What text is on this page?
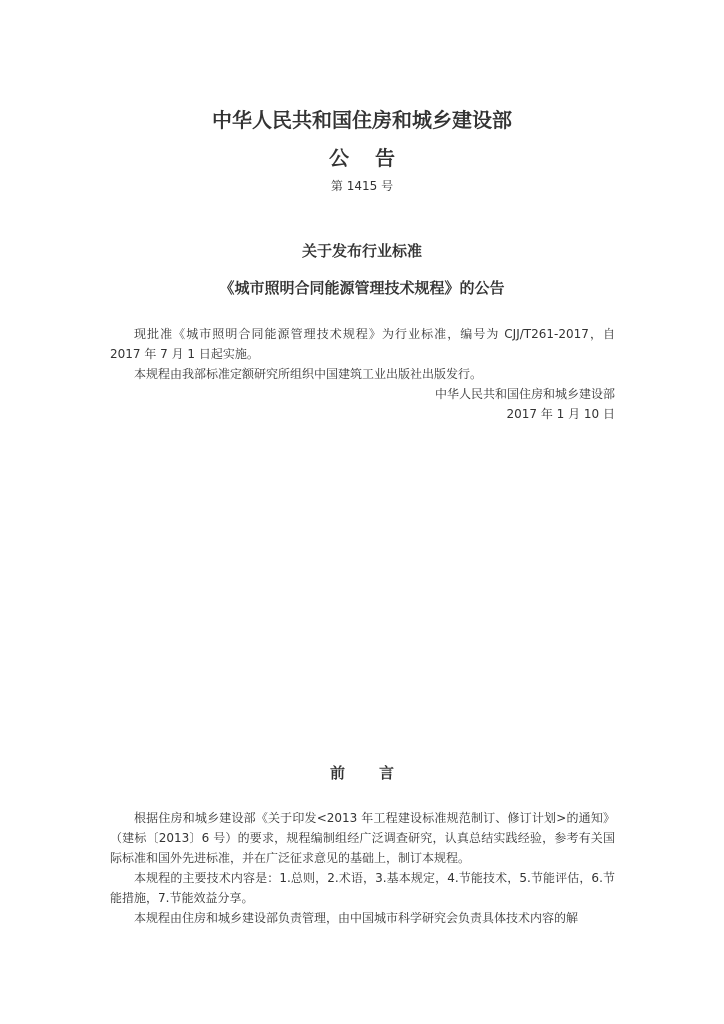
中华人民共和国住房和城乡建设部
公 告
第 1415 号
关于发布行业标准
《城市照明合同能源管理技术规程》的公告

现批准《城市照明合同能源管理技术规程》为行业标准，编号为 CJJ/T261-2017，自 2017 年 7 月 1 日起实施。

本规程由我部标准定额研究所组织中国建筑工业出版社出版发行。

中华人民共和国住房和城乡建设部

2017 年 1 月 10 日

前 言

根据住房和城乡建设部《关于印发<2013 年工程建设标准规范制订、修订计划>的通知》（建标〔2013〕6 号）的要求，规程编制组经广泛调查研究，认真总结实践经验，参考有关国际标准和国外先进标准，并在广泛征求意见的基础上，制订本规程。

本规程的主要技术内容是：1.总则，2.术语，3.基本规定，4.节能技术，5.节能评估，6.节能措施，7.节能效益分享。

本规程由住房和城乡建设部负责管理，由中国城市科学研究会负责具体技术内容的解
